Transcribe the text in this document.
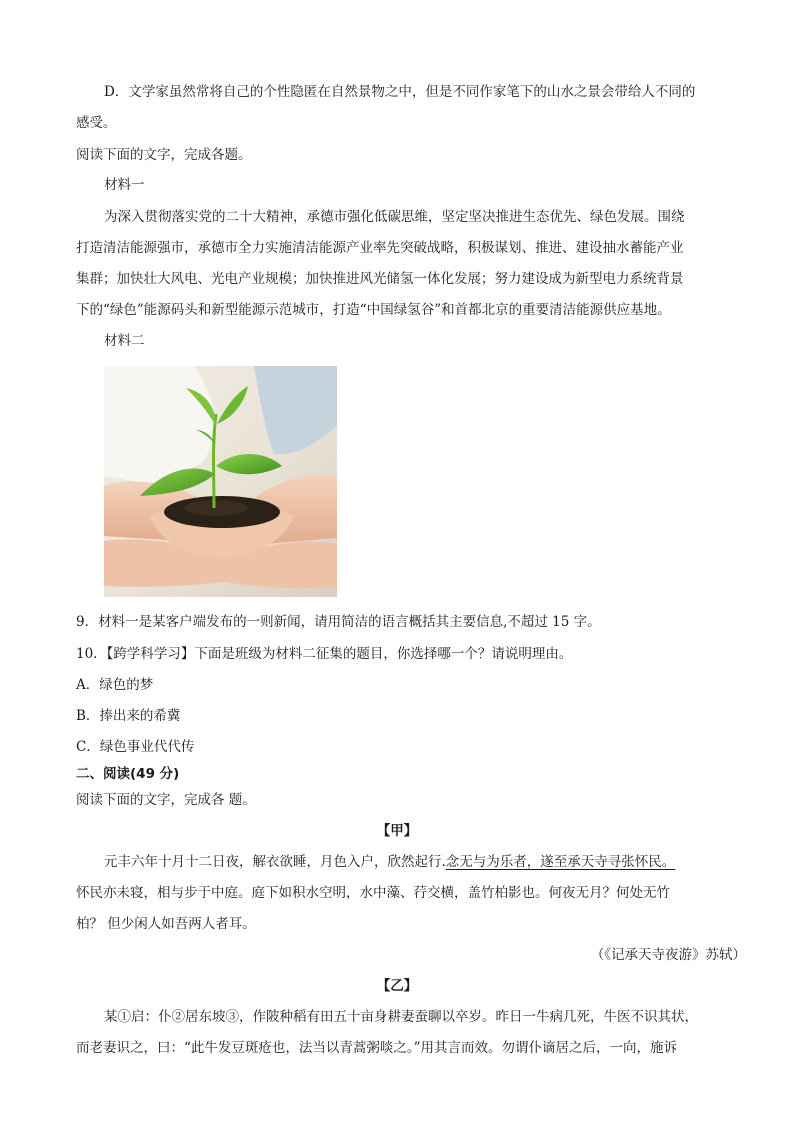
D．文学家虽然常将自己的个性隐匿在自然景物之中，但是不同作家笔下的山水之景会带给人不同的
感受。
阅读下面的文字，完成各题。
材料一
为深入贯彻落实党的二十大精神，承德市强化低碳思维，坚定坚决推进生态优先、绿色发展。围绕
打造清洁能源强市，承德市全力实施清洁能源产业率先突破战略，积极谋划、推进、建设抽水蓄能产业
集群；加快壮大风电、光电产业规模；加快推进风光储氢一体化发展；努力建设成为新型电力系统背景
下的“绿色”能源码头和新型能源示范城市，打造“中国绿氢谷”和首都北京的重要清洁能源供应基地。
材料二
9．材料一是某客户端发布的一则新闻，请用简洁的语言概括其主要信息,不超过 15 字。
10．【跨学科学习】下面是班级为材料二征集的题目，你选择哪一个？请说明理由。
A．绿色的梦
B．捧出来的希冀
C．绿色事业代代传
二、阅读(49 分)
阅读下面的文字，完成各 题。
【甲】
元丰六年十月十二日夜，解衣欲睡，月色入户，欣然起行.念无与为乐者，遂至承天寺寻张怀民。
怀民亦未寝，相与步于中庭。庭下如积水空明，水中藻、荇交横，盖竹柏影也。何夜无月？何处无竹
柏？ 但少闲人如吾两人者耳。
（《记承天寺夜游》苏轼）
【乙】
某①启：仆②居东坡③，作陂种稻有田五十亩身耕妻蚕聊以卒岁。昨日一牛病几死，牛医不识其状，
而老妻识之，曰：“此牛发豆斑疮也，法当以青蒿粥啖之。”用其言而效。勿谓仆谪居之后，一向，施诉
